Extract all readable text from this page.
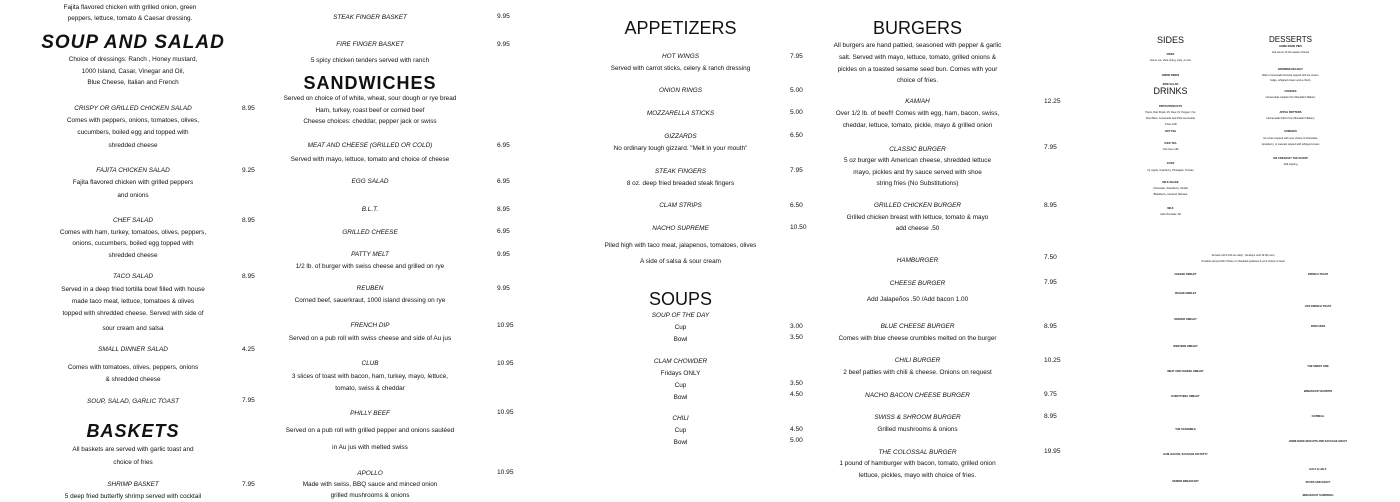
Fajita flavored chicken with grilled onion, green
peppers, lettuce, tomato & Caesar dressing.
SOUP AND SALAD
Choice of dressings: Ranch , Honey mustard,
1000 Island, Casar, Vinegar and Oil,
Blue Cheese, Italian and French
CRISPY OR GRILLED CHICKEN SALAD	8.95
Comes with peppers, onions, tomatoes, olives,
cucumbers, boiled egg and topped with
shredded cheese
FAJITA CHICKEN SALAD	9.25
Fajita flavored chicken with grilled peppers
and onions
CHEF SALAD	8.95
Comes with ham, turkey, tomatoes, olives, peppers,
onions, cucumbers, boiled egg topped with
shredded cheese
TACO SALAD	8.95
Served in a deep fried tortilla bowl filled with house
made taco meat, lettuce, tomatoes & olives
topped with shredded cheese. Served with side of
sour cream and salsa
SMALL DINNER SALAD	4.25
Comes with tomatoes, olives, peppers, onions
& shredded cheese
SOUP, SALAD, GARLIC TOAST	7.95
BASKETS
All baskets are served with garlic toast and
choice of fries
SHRIMP BASKET	7.95
5 deep fried butterfly shrimp served with cocktail
STEAK FINGER BASKET	9.95
FIRE FINGER BASKET	9.95
5 spicy chicken tenders served with ranch
SANDWICHES
Served on choice of of white, wheat, sour dough or rye bread
Ham, turkey, roast beef or corned beef
Cheese choices: cheddar, pepper jack or swiss
MEAT AND CHEESE (GRILLED OR COLD)	6.95
Served with mayo, lettuce, tomato and choice of cheese
EGG SALAD	6.95
B.L.T.	8.95
GRILLED CHEESE	6.95
PATTY MELT	9.95
1/2 lb. of burger with swiss cheese and grilled on rye
REUBEN	9.95
Corned beef, sauerkraut, 1000 island dressing on rye
FRENCH DIP	10.95
Served on a pub roll with swiss cheese and side of Au jus
CLUB	10.95
3 slices of toast with bacon, ham, turkey, mayo, lettuce,
tomato, swiss & cheddar
PHILLY BEEF	10.95
Served on a pub roll with grilled pepper and onions sautéed
in Au jus with melted swiss
APOLLO	10.95
Made with swiss, BBQ sauce and minced onion
grilled mushrooms & onions
APPETIZERS
HOT WINGS	7.95
Served with carrot sticks, celery & ranch dressing
ONION RINGS	5.00
MOZZARELLA STICKS	5.00
GIZZARDS	6.50
No ordinary tough gizzard. "Melt in your mouth"
STEAK FINGERS	7.95
8 oz. deep fried breaded steak fingers
CLAM STRIPS	6.50
NACHO SUPREME	10.50
Piled high with taco meat, jalapenos, tomatoes, olives
A side of salsa & sour cream
SOUPS
SOUP OF THE DAY
Cup	3.00
Bowl	3.50
CLAM CHOWDER
Fridays ONLY
Cup	3.50
Bowl	4.50
CHILI
Cup	4.50
Bowl	5.00
BURGERS
All burgers are hand pattied, seasoned with pepper & garlic
salt. Served with mayo, lettuce, tomato, grilled onions &
pickles on a toasted sesame seed bun. Comes with your
choice of fries.
KAMIAH	12.25
Over 1/2 lb. of beef!! Comes with egg, ham, bacon, swiss,
cheddar, lettuce, tomato, pickle, mayo & grilled onion
CLASSIC BURGER	7.95
5 oz burger with American cheese, shredded lettuce
mayo, pickles and fry sauce served with shoe
string fries (No Substitutions)
GRILLED CHICKEN BURGER	8.95
Grilled chicken breast with lettuce, tomato & mayo
add cheese .50
HAMBURGER	7.50
CHEESE BURGER	7.95
Add Jalapeños .50 /Add bacon 1.00
BLUE CHEESE BURGER	8.95
Comes with blue cheese crumbles melted on the burger
CHILI BURGER	10.25
2 beef patties with chili & cheese. Onions on request
NACHO BACON CHEESE BURGER	9.75
SWISS & SHROOM BURGER	8.95
Grilled mushrooms & onions
THE COLOSSAL BURGER	19.95
1 pound of hamburger with bacon, tomato, grilled onion
lettuce, pickles, mayo with choice of fries.
SIDES
FRIES
Home cut, shoe string, curly, or tots
ONION RINGS
SIDE SALAD
DRINKS
PEPSI PRODUCTS
Pepsi, Diet Pepsi, Mt. Dew, Dr. Pepper, 7up
Root Beer, Lemonade and Pink Lemonade
1 free refill
HOT TEA
ICED TEA
One free refill
JUICE
Oj, Apple, Cranberry, Pineapple, Tomato
MILK SHAKE
Chocolate, Strawberry, Vanilla
Blackberry, Caramel, Banana
MILK
Add chocolate .50
DESSERTS
HOME MADE PIES
Ask server of this weeks choices
BROWNIE DELIGHT
Warm homemade brownie topped with ice cream,
fudge, whipped cream and a cherry
COOKIES
Homemade cookies from Bonaldo's Bakery
APPLE FRITTERS
Homemade fritters from Bonaldo's Bakery
SUNDAES
Ice cream topped with your choice of chocolate,
strawberry, or caramel topped with whipped cream
ICE CREAM BY THE SCOOP
Add topping
Served until 11:00 am daily - Sundays until 12:00 noon
Omelets served with O'brien or shredded potatoes & your choice of toast
CHEESE OMELET
VEGGIE OMELET
DENVER OMELET
WESTERN OMELET
MEAT AND CHEESE OMELET
EVERYTHING OMELET
THE SCRAMBLE
HAM, BACON, SAUSAGE OR PATTY
SENIOR BREAKFAST
FRENCH TOAST
LIFE FRENCH TOAST
PANCAKES
THE SWEET ONE
BREAKFAST BURRITO
OATMEAL
HOME MADE BISCUITS AND SAUSAGE GRAVY
HALF & HALF
SPUDS AND GRAVY
BREAKFAST SANDWICH
